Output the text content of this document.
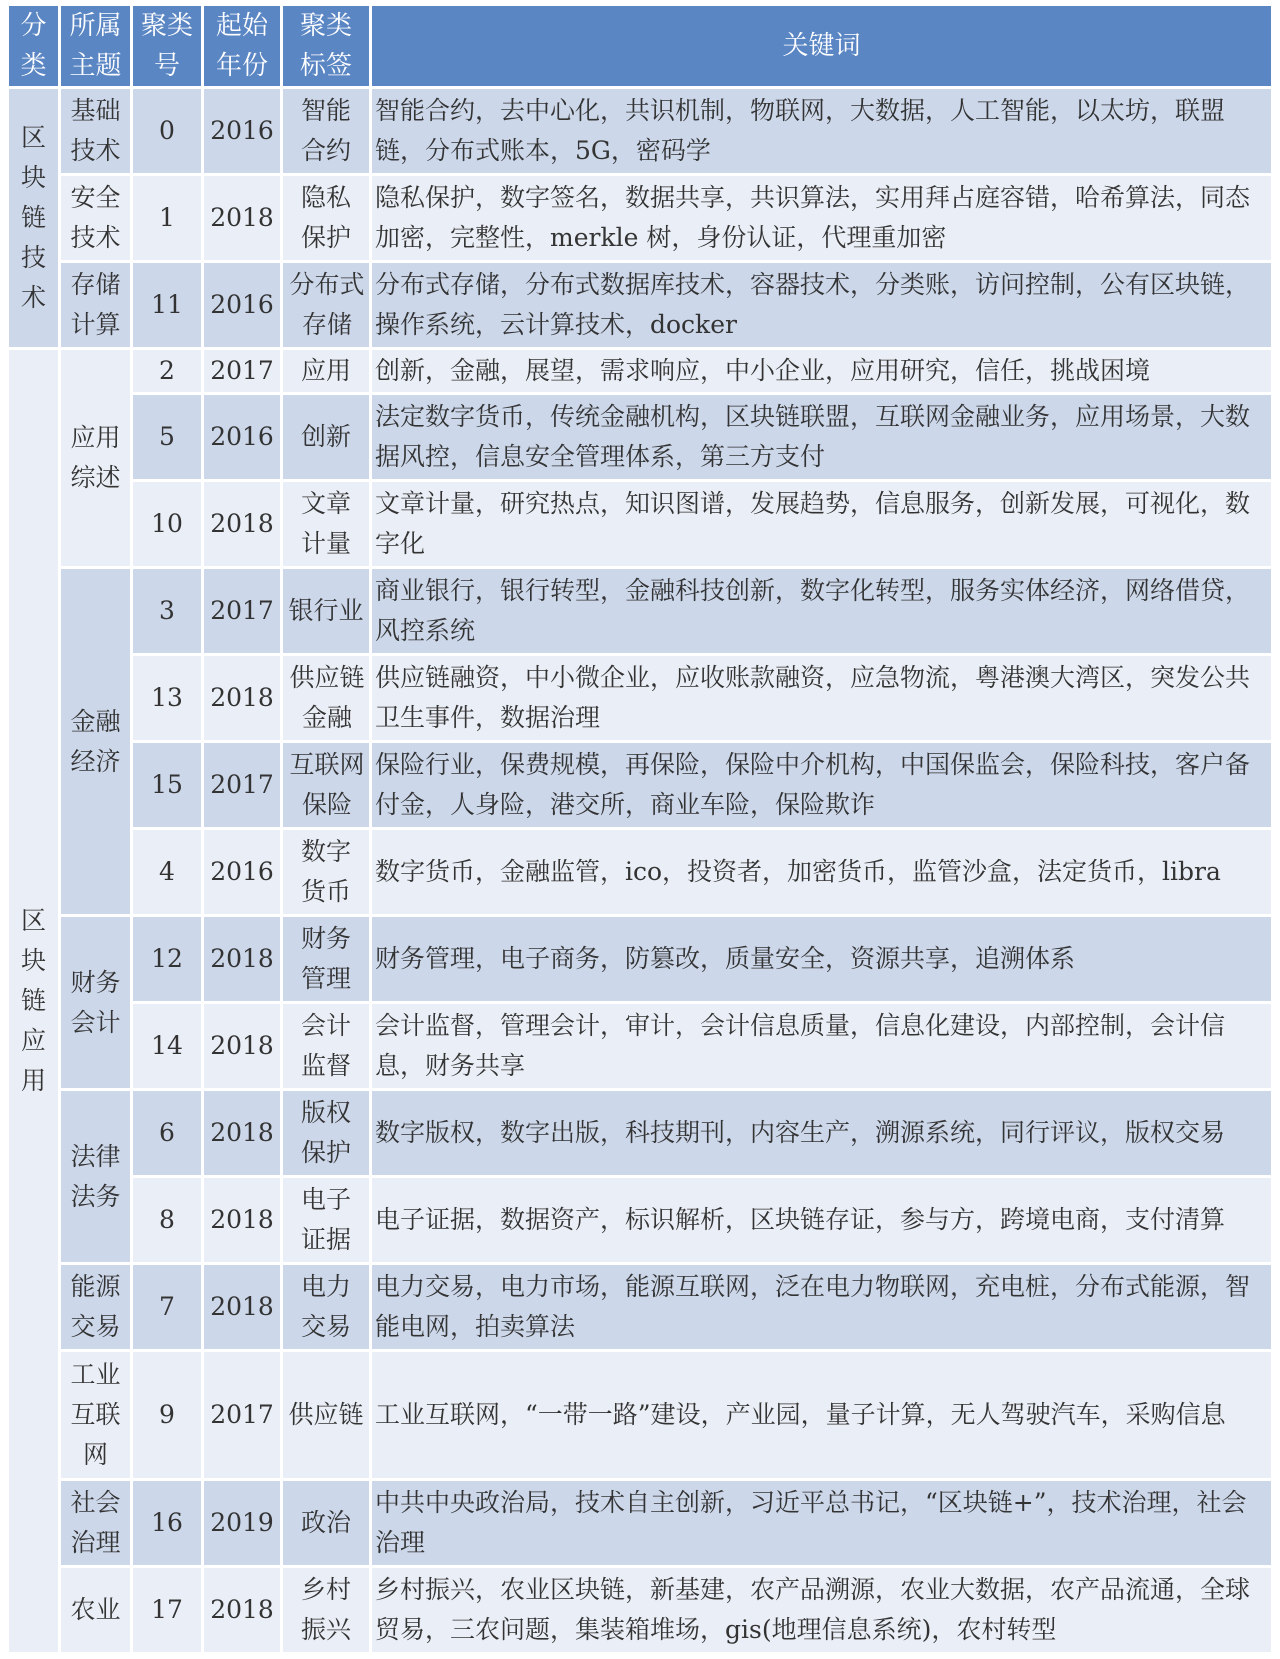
分类	所属主题	聚类号	起始年份	聚类标签	关键词
区块链技术	基础技术	0	2016	智能合约	智能合约，去中心化，共识机制，物联网，大数据，人工智能，以太坊，联盟链，分布式账本，5G，密码学
	安全技术	1	2018	隐私保护	隐私保护，数字签名，数据共享，共识算法，实用拜占庭容错，哈希算法，同态加密，完整性，merkle 树，身份认证，代理重加密
	存储计算	11	2016	分布式存储	分布式存储，分布式数据库技术，容器技术，分类账，访问控制，公有区块链，操作系统，云计算技术，docker
区块链应用	应用综述	2	2017	应用	创新，金融，展望，需求响应，中小企业，应用研究，信任，挑战困境
		5	2016	创新	法定数字货币，传统金融机构，区块链联盟，互联网金融业务，应用场景，大数据风控，信息安全管理体系，第三方支付
		10	2018	文章计量	文章计量，研究热点，知识图谱，发展趋势，信息服务，创新发展，可视化，数字化
	金融经济	3	2017	银行业	商业银行，银行转型，金融科技创新，数字化转型，服务实体经济，网络借贷，风控系统
		13	2018	供应链金融	供应链融资，中小微企业，应收账款融资，应急物流，粤港澳大湾区，突发公共卫生事件，数据治理
		15	2017	互联网保险	保险行业，保费规模，再保险，保险中介机构，中国保监会，保险科技，客户备付金，人身险，港交所，商业车险，保险欺诈
		4	2016	数字货币	数字货币，金融监管，ico，投资者，加密货币，监管沙盒，法定货币，libra
	财务会计	12	2018	财务管理	财务管理，电子商务，防篡改，质量安全，资源共享，追溯体系
		14	2018	会计监督	会计监督，管理会计，审计，会计信息质量，信息化建设，内部控制，会计信息，财务共享
	法律法务	6	2018	版权保护	数字版权，数字出版，科技期刊，内容生产，溯源系统，同行评议，版权交易
		8	2018	电子证据	电子证据，数据资产，标识解析，区块链存证，参与方，跨境电商，支付清算
	能源交易	7	2018	电力交易	电力交易，电力市场，能源互联网，泛在电力物联网，充电桩，分布式能源，智能电网，拍卖算法
	工业互联网	9	2017	供应链	工业互联网，“一带一路”建设，产业园，量子计算，无人驾驶汽车，采购信息
	社会治理	16	2019	政治	中共中央政治局，技术自主创新，习近平总书记，“区块链+”，技术治理，社会治理
	农业	17	2018	乡村振兴	乡村振兴，农业区块链，新基建，农产品溯源，农业大数据，农产品流通，全球贸易，三农问题，集装箱堆场，gis(地理信息系统)，农村转型
